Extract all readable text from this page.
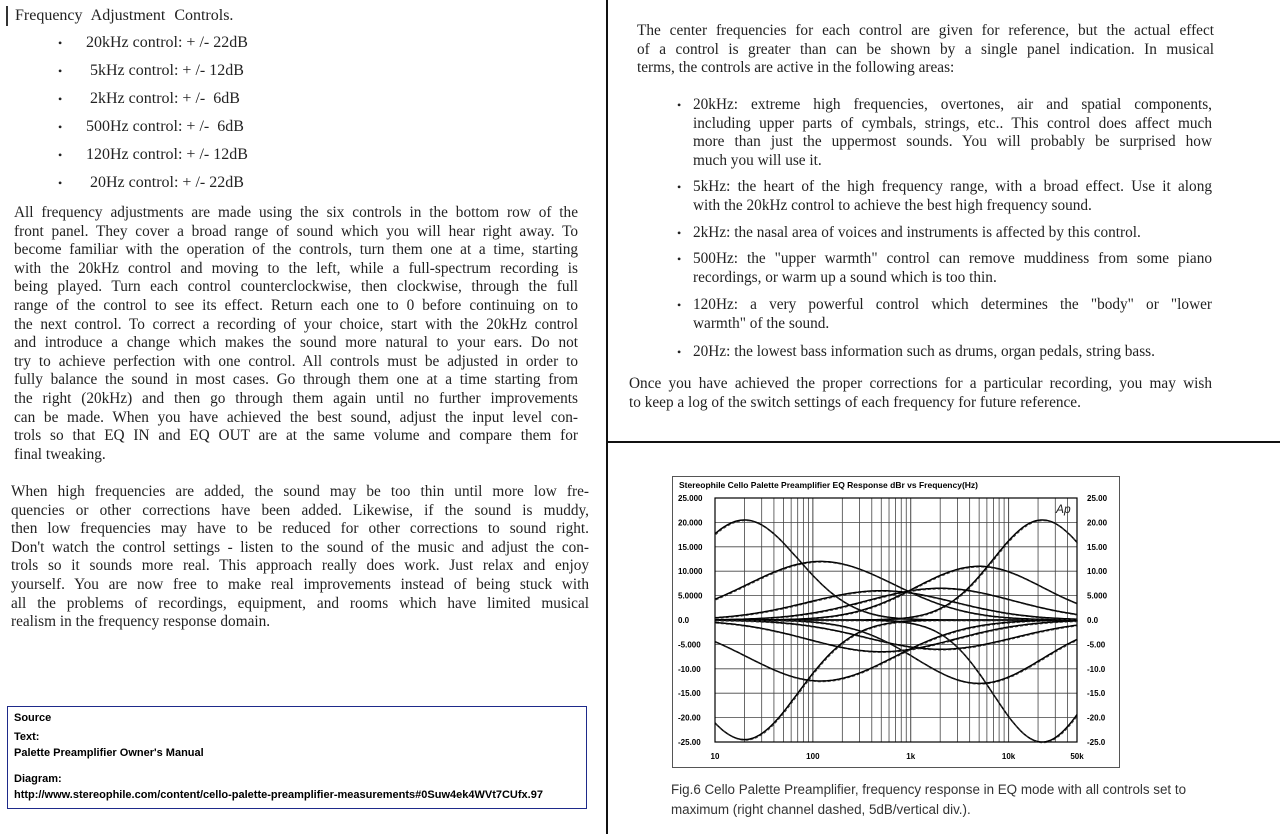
Frequency Adjustment Controls.
•	20kHz control: + /- 22dB
•	5kHz control: + /- 12dB
•	2kHz control: + /-  6dB
•	500Hz control: + /-  6dB
•	120Hz control: + /- 12dB
•	20Hz control: + /- 22dB

All frequency adjustments are made using the six controls in the bottom row of the
front panel. They cover a broad range of sound which you will hear right away. To
become familiar with the operation of the controls, turn them one at a time, starting
with the 20kHz control and moving to the left, while a full-spectrum recording is
being played. Turn each control counterclockwise, then clockwise, through the full
range of the control to see its effect. Return each one to 0 before continuing on to
the next control. To correct a recording of your choice, start with the 20kHz control
and introduce a change which makes the sound more natural to your ears. Do not
try to achieve perfection with one control. All controls must be adjusted in order to
fully balance the sound in most cases. Go through them one at a time starting from
the right (20kHz) and then go through them again until no further improvements
can be made. When you have achieved the best sound, adjust the input level con-
trols so that EQ IN and EQ OUT are at the same volume and compare them for
final tweaking.

When high frequencies are added, the sound may be too thin until more low fre-
quencies or other corrections have been added. Likewise, if the sound is muddy,
then low frequencies may have to be reduced for other corrections to sound right.
Don't watch the control settings - listen to the sound of the music and adjust the con-
trols so it sounds more real. This approach really does work. Just relax and enjoy
yourself. You are now free to make real improvements instead of being stuck with
all the problems of recordings, equipment, and rooms which have limited musical
realism in the frequency response domain.

Source
Text:
Palette Preamplifier Owner's Manual
Diagram:
http://www.stereophile.com/content/cello-palette-preamplifier-measurements#0Suw4ek4WVt7CUfx.97

The center frequencies for each control are given for reference, but the actual effect
of a control is greater than can be shown by a single panel indication. In musical
terms, the controls are active in the following areas:

• 20kHz: extreme high frequencies, overtones, air and spatial components,
including upper parts of cymbals, strings, etc.. This control does affect much
more than just the uppermost sounds. You will probably be surprised how
much you will use it.
• 5kHz: the heart of the high frequency range, with a broad effect. Use it along
with the 20kHz control to achieve the best high frequency sound.
• 2kHz: the nasal area of voices and instruments is affected by this control.
• 500Hz: the "upper warmth" control can remove muddiness from some piano
recordings, or warm up a sound which is too thin.
• 120Hz: a very powerful control which determines the "body" or "lower
warmth" of the sound.
• 20Hz: the lowest bass information such as drums, organ pedals, string bass.

Once you have achieved the proper corrections for a particular recording, you may wish
to keep a log of the switch settings of each frequency for future reference.

Stereophile Cello Palette Preamplifier EQ Response dBr vs Frequency(Hz)
25.000	25.00
20.000	20.00
15.000	15.00
10.000	10.00
5.0000	5.000
0.0	0.0
-5.000	-5.00
-10.00	-10.0
-15.00	-15.0
-20.00	-20.0
-25.00	-25.0
10	100	1k	10k	50k
Ap
Fig.6 Cello Palette Preamplifier, frequency response in EQ mode with all controls set to maximum (right channel dashed, 5dB/vertical div.).
